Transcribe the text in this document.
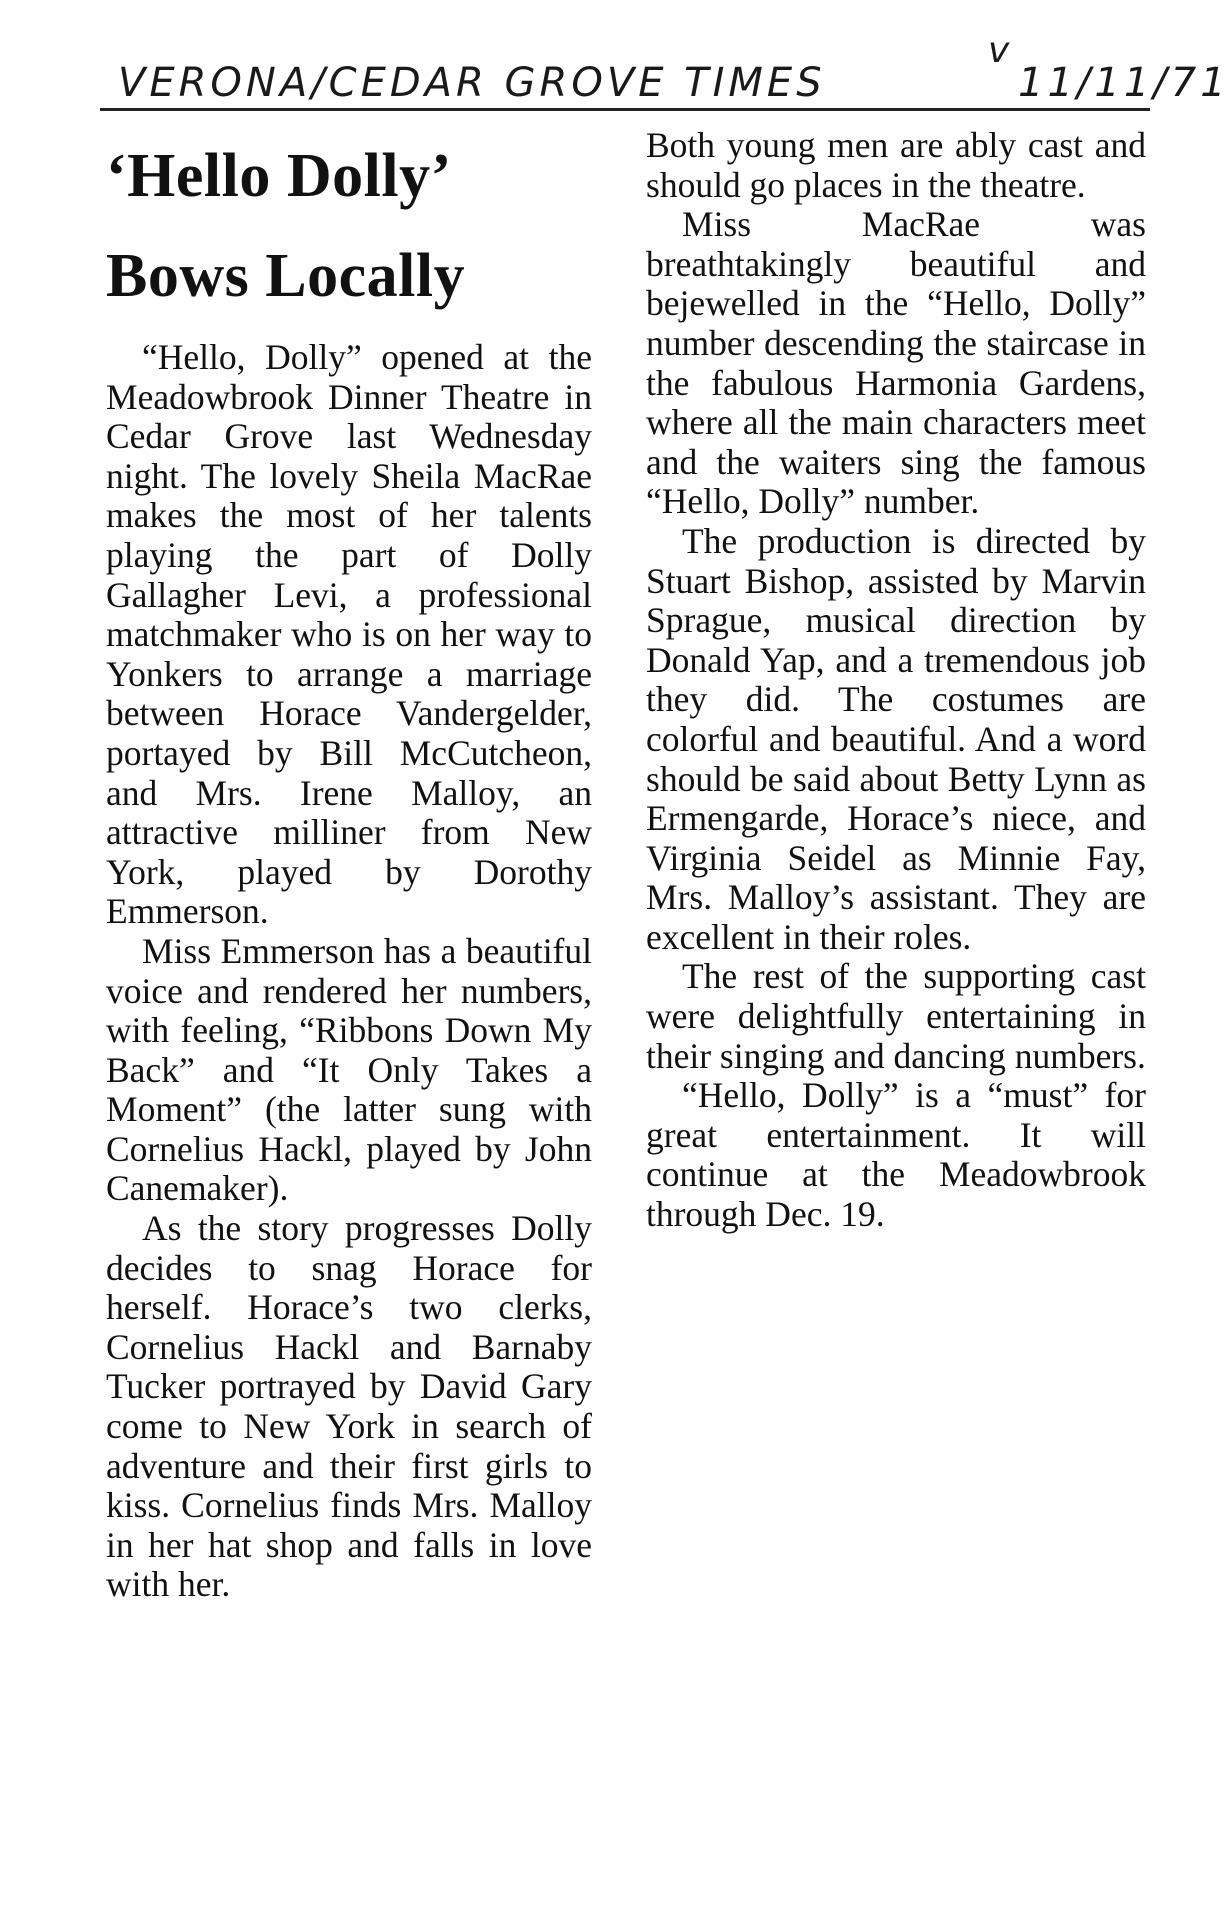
VERONA/CEDAR GROVE TIMES
v
11/11/71
‘Hello Dolly’
Bows Locally

“Hello, Dolly” opened at the Meadowbrook Dinner Theatre in Cedar Grove last Wednesday night. The lovely Sheila MacRae makes the most of her talents playing the part of Dolly Gallagher Levi, a professional matchmaker who is on her way to Yonkers to arrange a marriage between Horace Vandergelder, portayed by Bill McCutcheon, and Mrs. Irene Malloy, an attractive milliner from New York, played by Dorothy Emmerson.

Miss Emmerson has a beautiful voice and rendered her numbers, with feeling, “Ribbons Down My Back” and “It Only Takes a Moment” (the latter sung with Cornelius Hackl, played by John Canemaker).

As the story progresses Dolly decides to snag Horace for herself. Horace’s two clerks, Cornelius Hackl and Barnaby Tucker portrayed by David Gary come to New York in search of adventure and their first girls to kiss. Cornelius finds Mrs. Malloy in her hat shop and falls in love with her.

Both young men are ably cast and should go places in the theatre.

Miss MacRae was breathtakingly beautiful and bejewelled in the “Hello, Dolly” number descending the staircase in the fabulous Harmonia Gardens, where all the main characters meet and the waiters sing the famous “Hello, Dolly” number.

The production is directed by Stuart Bishop, assisted by Marvin Sprague, musical direction by Donald Yap, and a tremendous job they did. The costumes are colorful and beautiful. And a word should be said about Betty Lynn as Ermengarde, Horace’s niece, and Virginia Seidel as Minnie Fay, Mrs. Malloy’s assistant. They are excellent in their roles.

The rest of the supporting cast were delightfully entertaining in their singing and dancing numbers.

“Hello, Dolly” is a “must” for great entertainment. It will continue at the Meadowbrook through Dec. 19.
